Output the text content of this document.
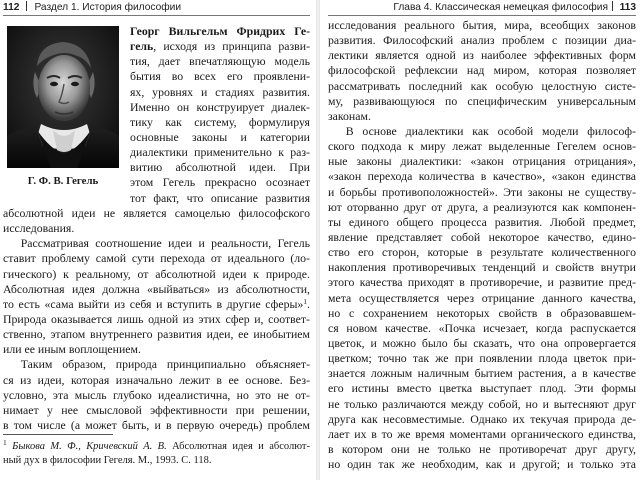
112 Раздел 1. История философии
Г. Ф. В. Гегель
Георг Вильгельм Фридрих Ге-
гель, исходя из принципа разви-
тия, дает впечатляющую модель
бытия во всех его проявлени-
ях, уровнях и стадиях развития.
Именно он конструирует диалек-
тику как систему, формулируя
основные законы и категории
диалектики применительно к раз-
витию абсолютной идеи. При
этом Гегель прекрасно осознает
тот факт, что описание развития
абсолютной идеи не является самоцелью философского
исследования.
  Рассматривая соотношение идеи и реальности, Гегель
ставит проблему самой сути перехода от идеального (ло-
гического) к реальному, от абсолютной идеи к природе.
Абсолютная идея должна «выйваться» из абсолютности,
то есть «сама выйти из себя и вступить в другие сферы»$^1$.
Природа оказывается лишь одной из этих сфер и, соответ-
ственно, этапом внутреннего развития идеи, ее инобытием
или ее иным воплощением.
  Таким образом, природа принципиально объясняет-
ся из идеи, которая изначально лежит в ее основе. Без-
условно, эта мысль глубоко идеалистична, но это не от-
нимает у нее смысловой эффективности при решении,
в том числе (а может быть, и в первую очередь) проблем
$^1$ Быкова М. Ф., Кричевский А. В. Абсолютная идея и абсолют-
ный дух в философии Гегеля. М., 1993. С. 118.
Глава 4. Классическая немецкая философия	113
исследования реального бытия, мира, всеобщих законов
развития. Философский анализ проблем с позиции диа-
лектики является одной из наиболее эффективных форм
философской рефлексии над миром, которая позволяет
рассматривать последний как особую целостную систе-
му, развивающуюся по специфическим универсальным
законам.
  В основе диалектики как особой модели философ-
ского подхода к миру лежат выделенные Гегелем основ-
ные законы диалектики: «закон отрицания отрицания»,
«закон перехода количества в качество», «закон единства
и борьбы противоположностей». Эти законы не существу-
ют оторванно друг от друга, а реализуются как компонен-
ты единого общего процесса развития. Любой предмет,
явление представляет собой некоторое качество, едино-
ство его сторон, которые в результате количественного
накопления противоречивых тенденций и свойств внутри
этого качества приходят в противоречие, и развитие пред-
мета осуществляется через отрицание данного качества,
но с сохранением некоторых свойств в образовавшем-
ся новом качестве. «Почка исчезает, когда распускается
цветок, и можно было бы сказать, что она опровергается
цветком; точно так же при появлении плода цветок при-
знается ложным наличным бытием растения, а в качестве
его истины вместо цветка выступает плод. Эти формы
не только различаются между собой, но и вытесняют друг
друга как несовместимые. Однако их текучая природа де-
лает их в то же время моментами органического единства,
в котором они не только не противоречат друг другу,
но один так же необходим, как и другой; и только эта
